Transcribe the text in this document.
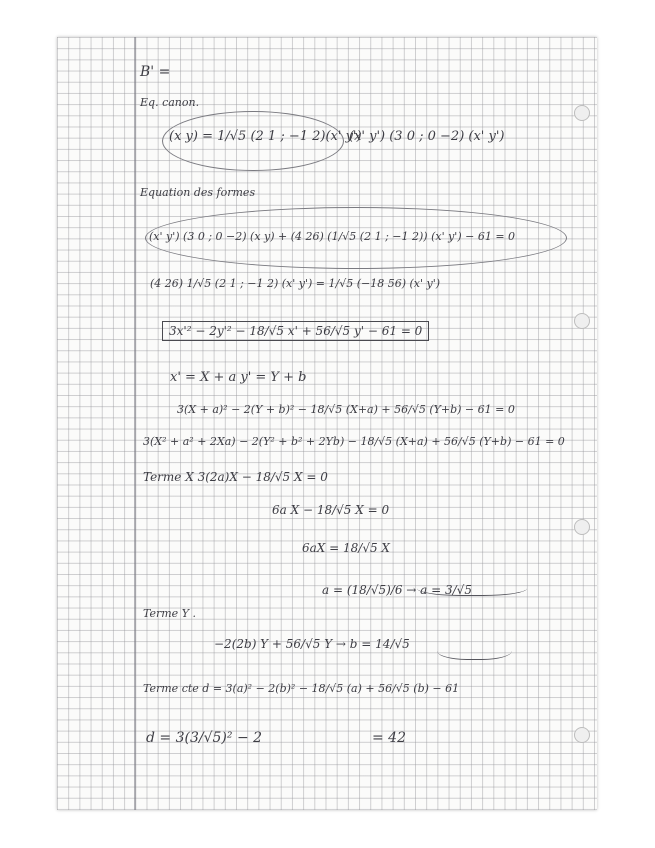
B' =
Eq. canon.
(x y) = 1/√5 (2 1 ; −1 2)(x' y')
(x' y') (3 0 ; 0 −2) (x' y')
Equation des formes
(x' y') (3 0 ; 0 −2) (x y) + (4 26) (1/√5 (2 1 ; −1 2)) (x' y') − 61 = 0
(4 26) 1/√5 (2 1 ; −1 2) (x' y') = 1/√5 (−18 56) (x' y')
3x'² − 2y'² − 18/√5 x' + 56/√5 y' − 61 = 0
x' = X + a y' = Y + b
3(X + a)² − 2(Y + b)² − 18/√5 (X+a) + 56/√5 (Y+b) − 61 = 0
3(X² + a² + 2Xa) − 2(Y² + b² + 2Yb) − 18/√5 (X+a) + 56/√5 (Y+b) − 61 = 0
Terme X 3(2a)X − 18/√5 X = 0
6a X − 18/√5 X = 0
6aX = 18/√5 X
a = (18/√5)/6 → a = 3/√5
Terme Y .
−2(2b) Y + 56/√5 Y → b = 14/√5
Terme cte d = 3(a)² − 2(b)² − 18/√5 (a) + 56/√5 (b) − 61
d = 3(3/√5)² − 2	= 42
